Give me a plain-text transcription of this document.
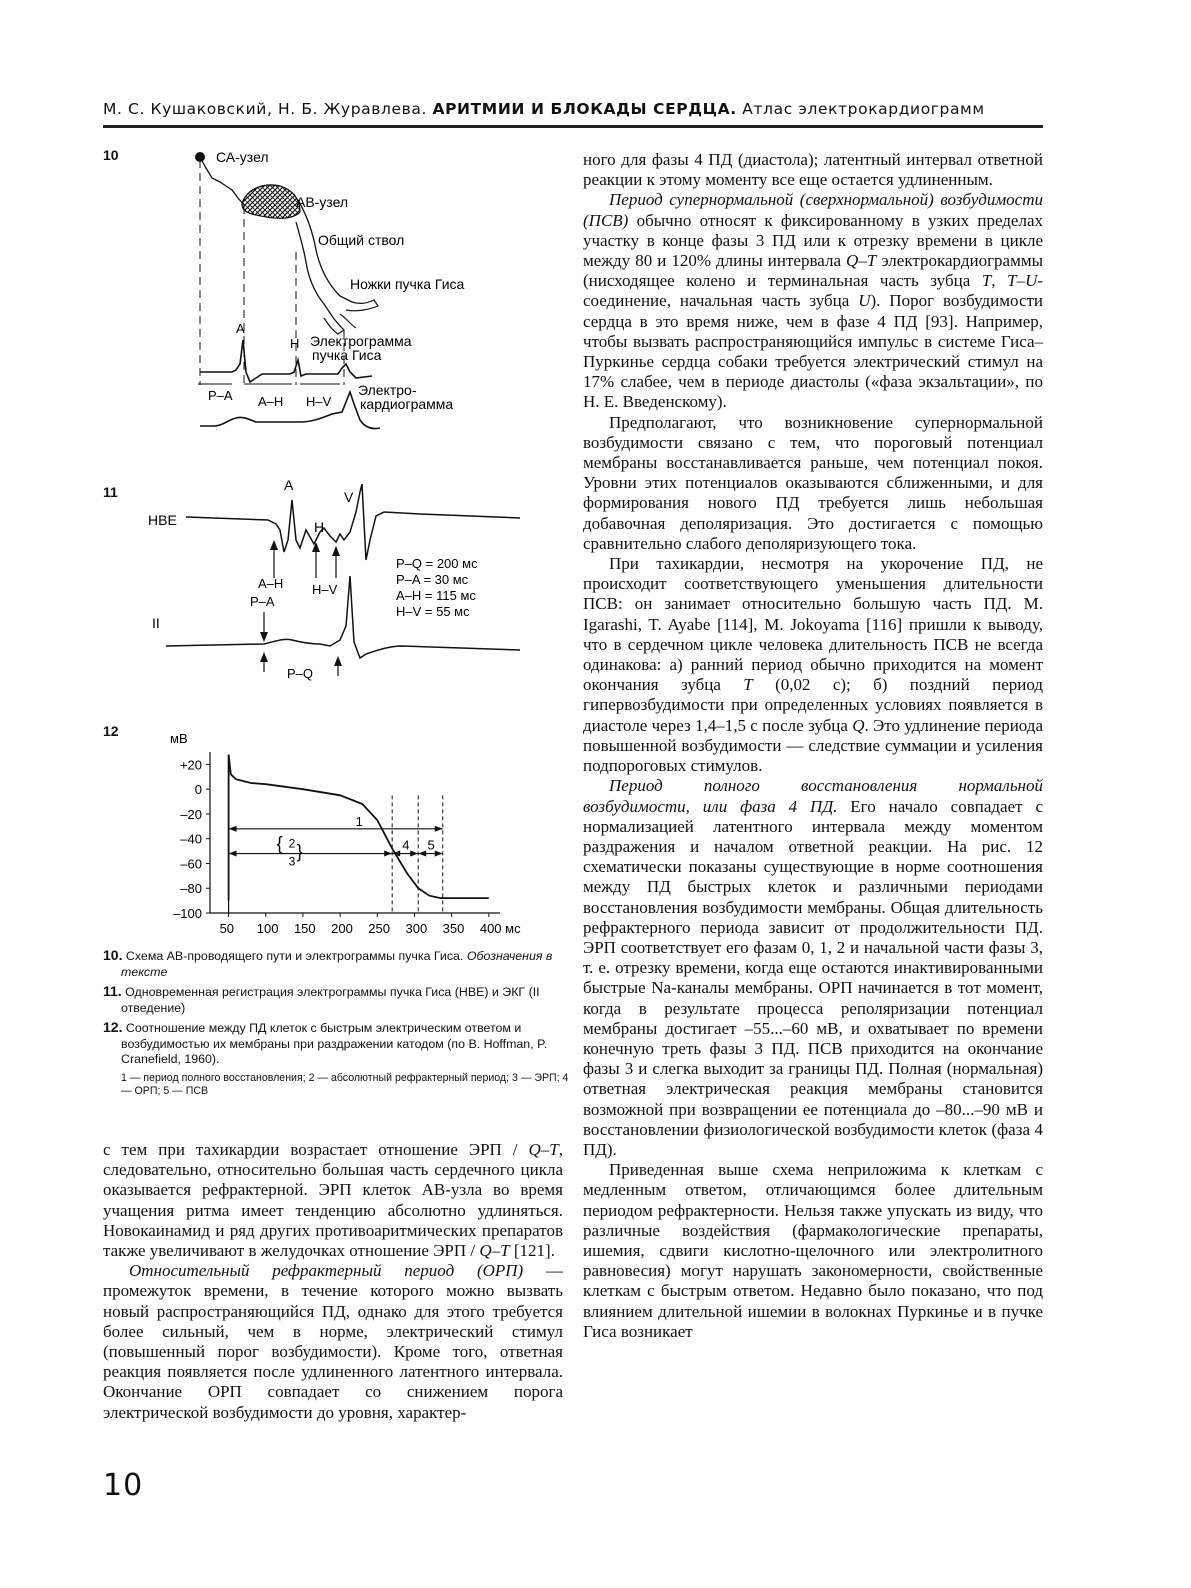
М. С. Кушаковский, Н. Б. Журавлева. АРИТМИИ И БЛОКАДЫ СЕРДЦА. Атлас электрокардиограмм
10
11
12
СА-узел
АВ-узел
Общий ствол
Ножки пучка Гиса
A
H Электрограмма
пучка Гиса
Электро-
кардиограмма
P–A A–H H–V
HBE
II
A
H
V
A–H
P–A
H–V
P–Q
P–Q = 200 мс
P–A = 30 мс
A–H = 115 мс
H–V = 55 мс
мВ
+20
0
–20
–40
–60
–80
–100
50 100 150 200 250 300 350 400 мс
1
{ 2
3 }	4 5

10. Схема АВ-проводящего пути и электрограммы пучка Гиса. Обозначения в тексте

11. Одновременная регистрация электрограммы пучка Гиса (HBE) и ЭКГ (II отведение)

12. Соотношение между ПД клеток с быстрым электрическим ответом и возбудимостью их мембраны при раздражении катодом (по B. Hoffman, P. Cranefield, 1960).

1 — период полного восстановления; 2 — абсолютный рефрактерный период; 3 — ЭРП; 4 — ОРП; 5 — ПСВ

с тем при тахикардии возрастает отношение ЭРП / Q–T, следовательно, относительно большая часть сердечного цикла оказывается рефрактерной. ЭРП клеток АВ-узла во время учащения ритма имеет тенденцию абсолютно удлиняться. Новокаинамид и ряд других противоаритмических препаратов также увеличивают в желудочках отношение ЭРП / Q–T [121].

Относительный рефрактерный период (ОРП) — промежуток времени, в течение которого можно вызвать новый распространяющийся ПД, однако для этого требуется более сильный, чем в норме, электрический стимул (повышенный порог возбудимости). Кроме того, ответная реакция появляется после удлиненного латентного интервала. Окончание ОРП совпадает со снижением порога электрической возбудимости до уровня, характер-

ного для фазы 4 ПД (диастола); латентный интервал ответной реакции к этому моменту все еще остается удлиненным.

Период супернормальной (сверхнормальной) возбудимости (ПСВ) обычно относят к фиксированному в узких пределах участку в конце фазы 3 ПД или к отрезку времени в цикле между 80 и 120% длины интервала Q–T электрокардиограммы (нисходящее колено и терминальная часть зубца T, T–U-соединение, начальная часть зубца U). Порог возбудимости сердца в это время ниже, чем в фазе 4 ПД [93]. Например, чтобы вызвать распространяющийся импульс в системе Гиса–Пуркинье сердца собаки требуется электрический стимул на 17% слабее, чем в периоде диастолы («фаза экзальтации», по Н. Е. Введенскому).

Предполагают, что возникновение супернормальной возбудимости связано с тем, что пороговый потенциал мембраны восстанавливается раньше, чем потенциал покоя. Уровни этих потенциалов оказываются сближенными, и для формирования нового ПД требуется лишь небольшая добавочная деполяризация. Это достигается с помощью сравнительно слабого деполяризующего тока.

При тахикардии, несмотря на укорочение ПД, не происходит соответствующего уменьшения длительности ПСВ: он занимает относительно большую часть ПД. M. Igarashi, T. Ayabe [114], M. Jokoyama [116] пришли к выводу, что в сердечном цикле человека длительность ПСВ не всегда одинакова: а) ранний период обычно приходится на момент окончания зубца T (0,02 с); б) поздний период гипервозбудимости при определенных условиях появляется в диастоле через 1,4–1,5 с после зубца Q. Это удлинение периода повышенной возбудимости — следствие суммации и усиления подпороговых стимулов.

Период полного восстановления нормальной возбудимости, или фаза 4 ПД. Его начало совпадает с нормализацией латентного интервала между моментом раздражения и началом ответной реакции. На рис. 12 схематически показаны существующие в норме соотношения между ПД быстрых клеток и различными периодами восстановления возбудимости мембраны. Общая длительность рефрактерного периода зависит от продолжительности ПД. ЭРП соответствует его фазам 0, 1, 2 и начальной части фазы 3, т. е. отрезку времени, когда еще остаются инактивированными быстрые Na-каналы мембраны. ОРП начинается в тот момент, когда в результате процесса реполяризации потенциал мембраны достигает –55...–60 мВ, и охватывает по времени конечную треть фазы 3 ПД. ПСВ приходится на окончание фазы 3 и слегка выходит за границы ПД. Полная (нормальная) ответная электрическая реакция мембраны становится возможной при возвращении ее потенциала до –80...–90 мВ и восстановлении физиологической возбудимости клеток (фаза 4 ПД).

Приведенная выше схема неприложима к клеткам с медленным ответом, отличающимся более длительным периодом рефрактерности. Нельзя также упускать из виду, что различные воздействия (фармакологические препараты, ишемия, сдвиги кислотно-щелочного или электролитного равновесия) могут нарушать закономерности, свойственные клеткам с быстрым ответом. Недавно было показано, что под влиянием длительной ишемии в волокнах Пуркинье и в пучке Гиса возникает

10
